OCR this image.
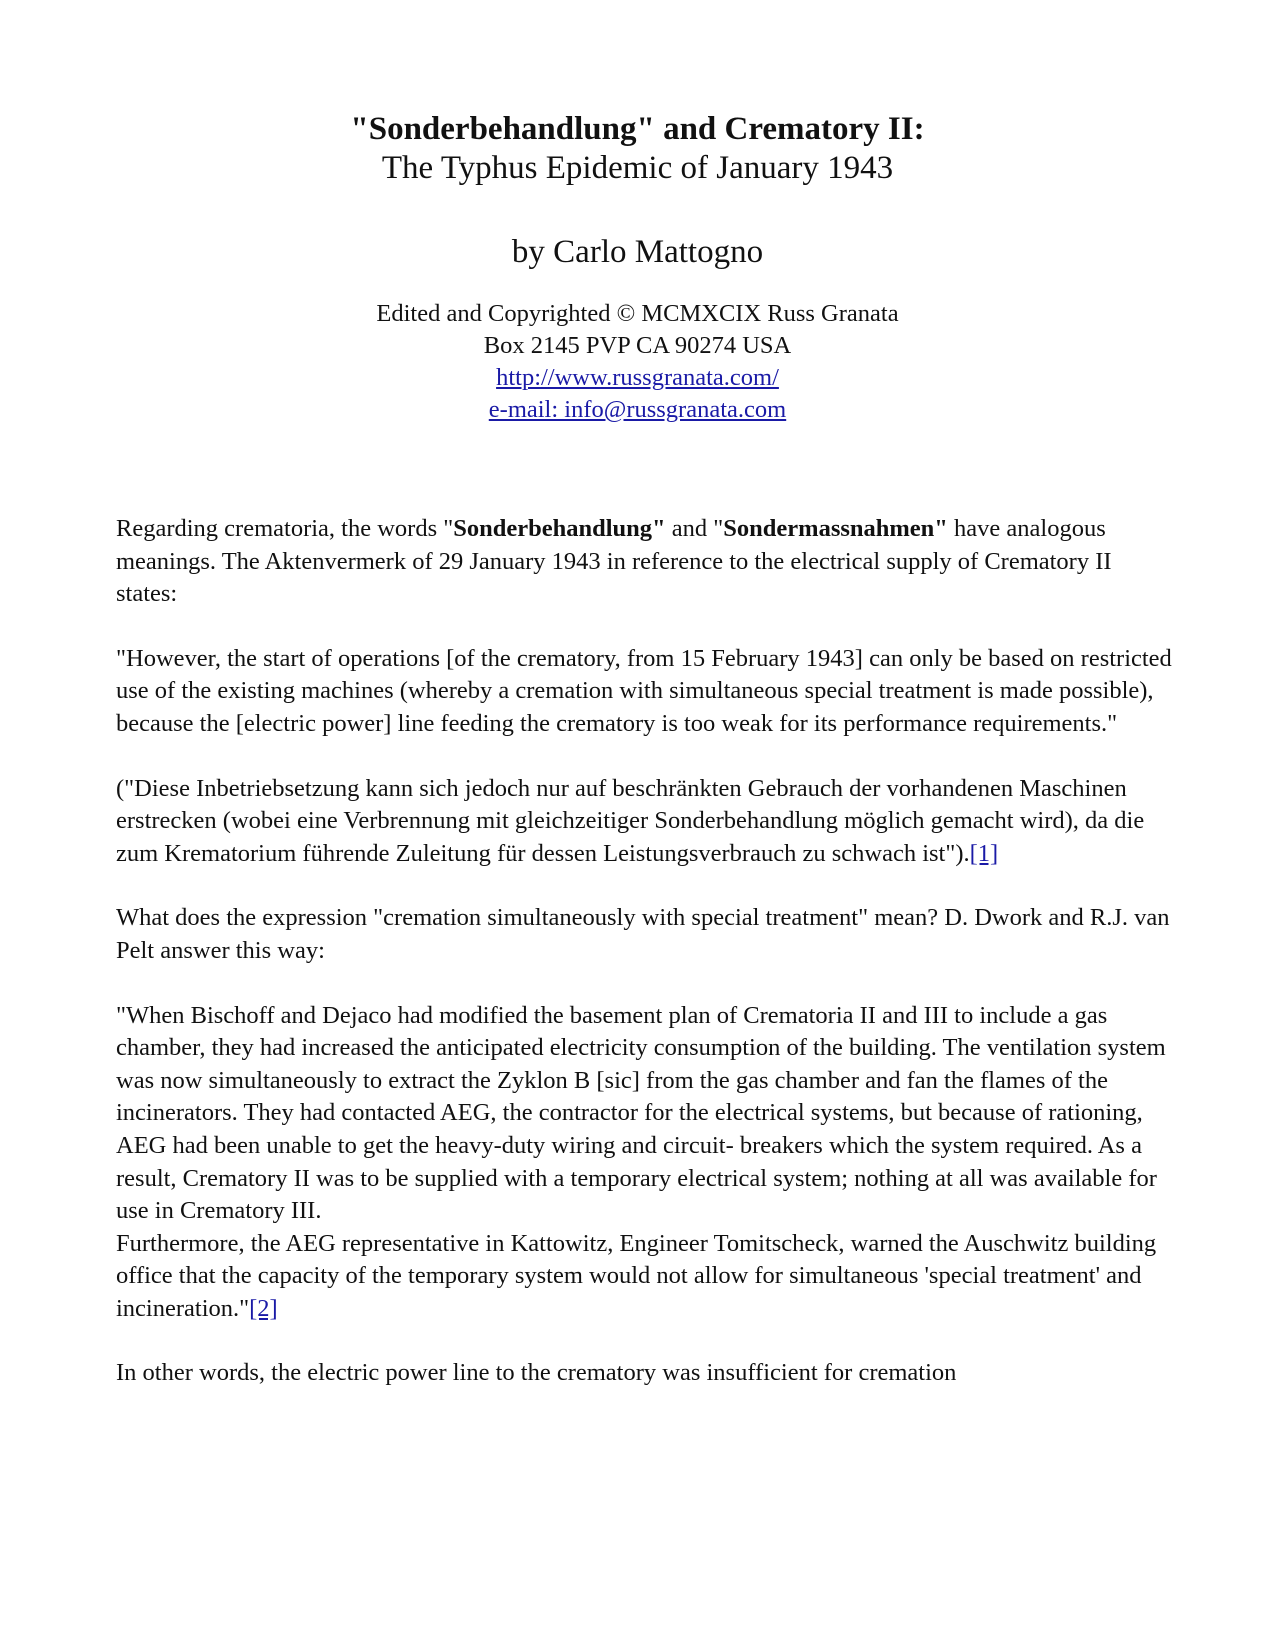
"Sonderbehandlung" and Crematory II:
The Typhus Epidemic of January 1943
by Carlo Mattogno
Edited and Copyrighted © MCMXCIX Russ Granata
Box 2145 PVP CA 90274 USA
http://www.russgranata.com/
e-mail: info@russgranata.com

Regarding crematoria, the words "Sonderbehandlung" and "Sondermassnahmen" have analogous meanings. The Aktenvermerk of 29 January 1943 in reference to the electrical supply of Crematory II states:

"However, the start of operations [of the crematory, from 15 February 1943] can only be based on restricted use of the existing machines (whereby a cremation with simultaneous special treatment is made possible), because the [electric power] line feeding the crematory is too weak for its performance requirements."

("Diese Inbetriebsetzung kann sich jedoch nur auf beschränkten Gebrauch der vorhandenen Maschinen erstrecken (wobei eine Verbrennung mit gleichzeitiger Sonderbehandlung möglich gemacht wird), da die zum Krematorium führende Zuleitung für dessen Leistungsverbrauch zu schwach ist").[1]

What does the expression "cremation simultaneously with special treatment" mean? D. Dwork and R.J. van Pelt answer this way:

"When Bischoff and Dejaco had modified the basement plan of Crematoria II and III to include a gas chamber, they had increased the anticipated electricity consumption of the building. The ventilation system was now simultaneously to extract the Zyklon B [sic] from the gas chamber and fan the flames of the incinerators. They had contacted AEG, the contractor for the electrical systems, but because of rationing, AEG had been unable to get the heavy-duty wiring and circuit- breakers which the system required. As a result, Crematory II was to be supplied with a temporary electrical system; nothing at all was available for use in Crematory III.

Furthermore, the AEG representative in Kattowitz, Engineer Tomitscheck, warned the Auschwitz building office that the capacity of the temporary system would not allow for simultaneous 'special treatment' and incineration."[2]

In other words, the electric power line to the crematory was insufficient for cremation
